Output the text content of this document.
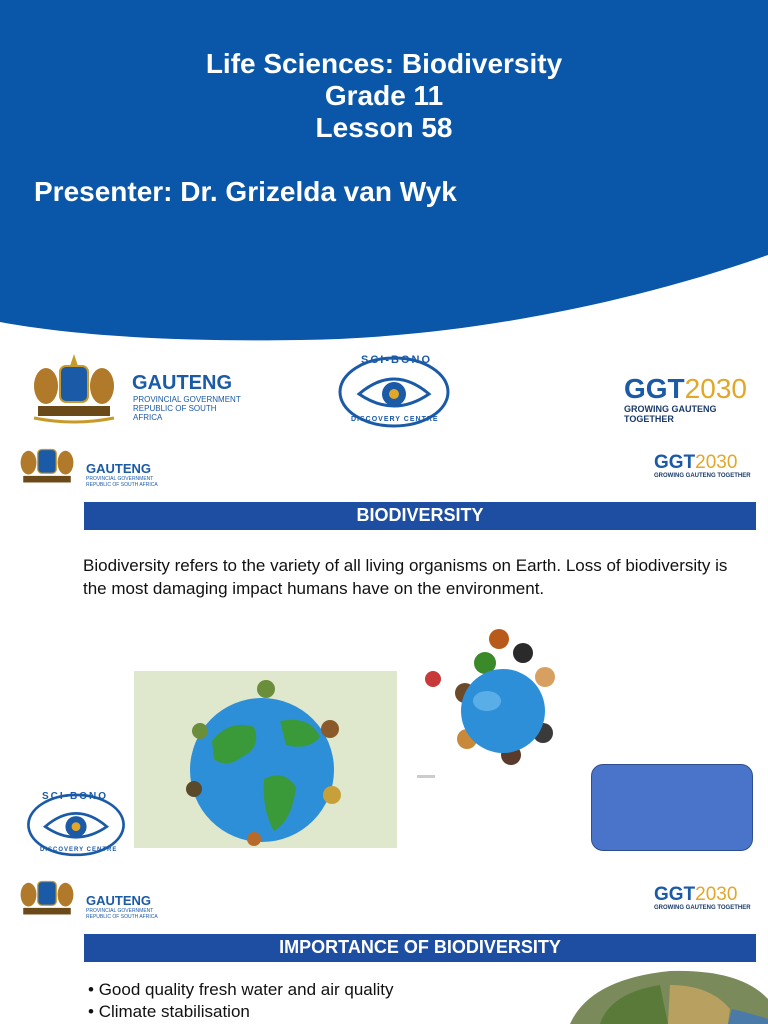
Life Sciences: Biodiversity
Grade 11
Lesson 58
Presenter: Dr. Grizelda van Wyk
GAUTENG
PROVINCIAL GOVERNMENT
REPUBLIC OF SOUTH AFRICA
SCI-BONO
DISCOVERY CENTRE
GGT2030
GROWING GAUTENG TOGETHER
GAUTENG
PROVINCIAL GOVERNMENT
REPUBLIC OF SOUTH AFRICA
GGT2030
GROWING GAUTENG TOGETHER
BIODIVERSITY
Biodiversity refers to the variety of all living organisms on Earth. Loss of biodiversity is the most damaging impact humans have on the environment.
SCI-BONO
DISCOVERY CENTRE
GAUTENG
PROVINCIAL GOVERNMENT
REPUBLIC OF SOUTH AFRICA
GGT2030
GROWING GAUTENG TOGETHER
IMPORTANCE OF BIODIVERSITY
• Good quality fresh water and air quality
• Climate stabilisation
